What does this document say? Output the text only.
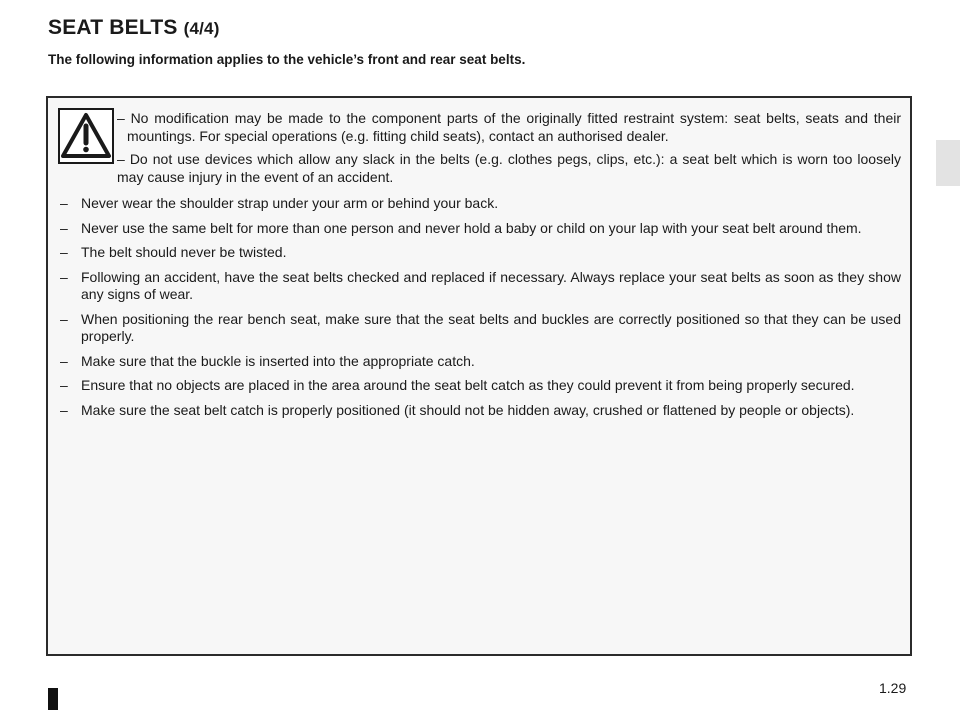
SEAT BELTS (4/4)

The following information applies to the vehicle’s front and rear seat belts.

– No modification may be made to the component parts of the originally fitted restraint system: seat belts, seats and their mountings. For special operations (e.g. fitting child seats), contact an authorised dealer.

– Do not use devices which allow any slack in the belts (e.g. clothes pegs, clips, etc.): a seat belt which is worn too loosely may cause injury in the event of an accident.

– Never wear the shoulder strap under your arm or behind your back.
– Never use the same belt for more than one person and never hold a baby or child on your lap with your seat belt around them.
– The belt should never be twisted.
– Following an accident, have the seat belts checked and replaced if necessary. Always replace your seat belts as soon as they show any signs of wear.
– When positioning the rear bench seat, make sure that the seat belts and buckles are correctly positioned so that they can be used properly.
– Make sure that the buckle is inserted into the appropriate catch.
– Ensure that no objects are placed in the area around the seat belt catch as they could prevent it from being properly secured.
– Make sure the seat belt catch is properly positioned (it should not be hidden away, crushed or flattened by people or objects).
1.29
